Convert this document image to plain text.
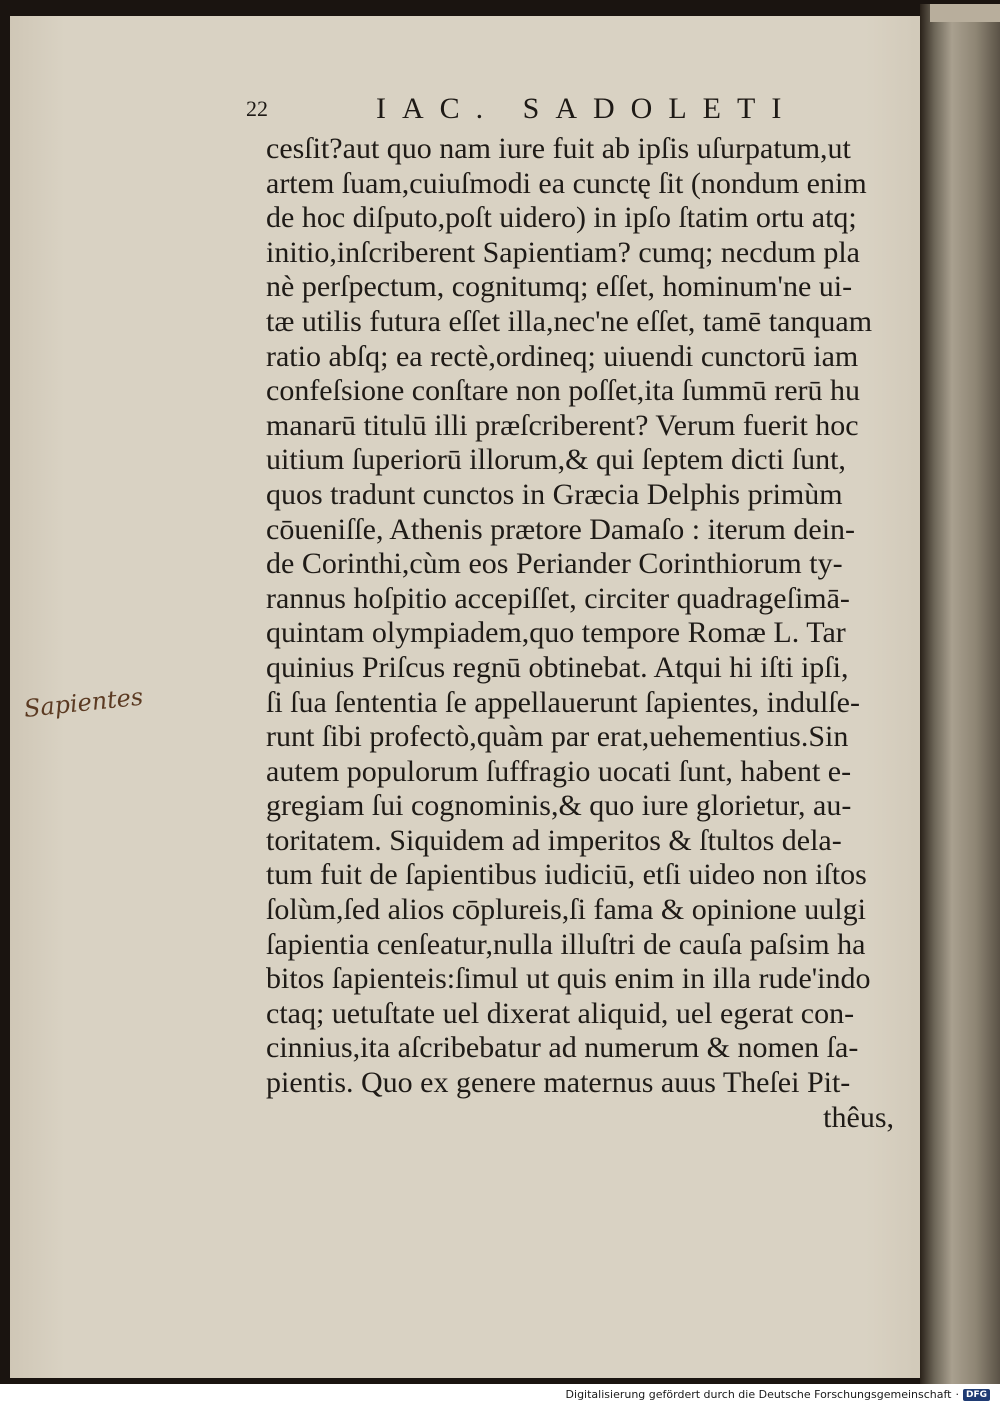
22	IAC. SADOLETI
Sapientes
cesſit?aut quo nam iure fuit ab ipſis uſurpatum,ut
artem ſuam,cuiuſmodi ea cunctę ſit (nondum enim
de hoc diſputo,poſt uidero) in ipſo ſtatim ortu atq;
initio,inſcriberent Sapientiam? cumq; necdum pla
nè perſpectum, cognitumq; eſſet, hominum'ne ui-
tæ utilis futura eſſet illa,nec'ne eſſet, tamē tanquam
ratio abſq; ea rectè,ordineq; uiuendi cunctorū iam
confeſsione conſtare non poſſet,ita ſummū rerū hu
manarū titulū illi præſcriberent? Verum fuerit hoc
uitium ſuperiorū illorum,& qui ſeptem dicti ſunt,
quos tradunt cunctos in Græcia Delphis primùm
cōueniſſe, Athenis prætore Damaſo : iterum dein-
de Corinthi,cùm eos Periander Corinthiorum ty-
rannus hoſpitio accepiſſet, circiter quadrageſimā-
quintam olympiadem,quo tempore Romæ L. Tar
quinius Priſcus regnū obtinebat. Atqui hi iſti ipſi,
ſi ſua ſententia ſe appellauerunt ſapientes, indulſe-
runt ſibi profectò,quàm par erat,uehementius.Sin
autem populorum ſuffragio uocati ſunt, habent e-
gregiam ſui cognominis,& quo iure glorietur, au-
toritatem. Siquidem ad imperitos & ſtultos dela-
tum fuit de ſapientibus iudiciū, etſi uideo non iſtos
ſolùm,ſed alios cōplureis,ſi fama & opinione uulgi
ſapientia cenſeatur,nulla illuſtri de cauſa paſsim ha
bitos ſapienteis:ſimul ut quis enim in illa rude'indo
ctaq; uetuſtate uel dixerat aliquid, uel egerat con-
cinnius,ita aſcribebatur ad numerum & nomen ſa-
pientis. Quo ex genere maternus auus Theſei Pit-
thêus,
Digitalisierung gefördert durch die Deutsche Forschungsgemeinschaft · DFG
